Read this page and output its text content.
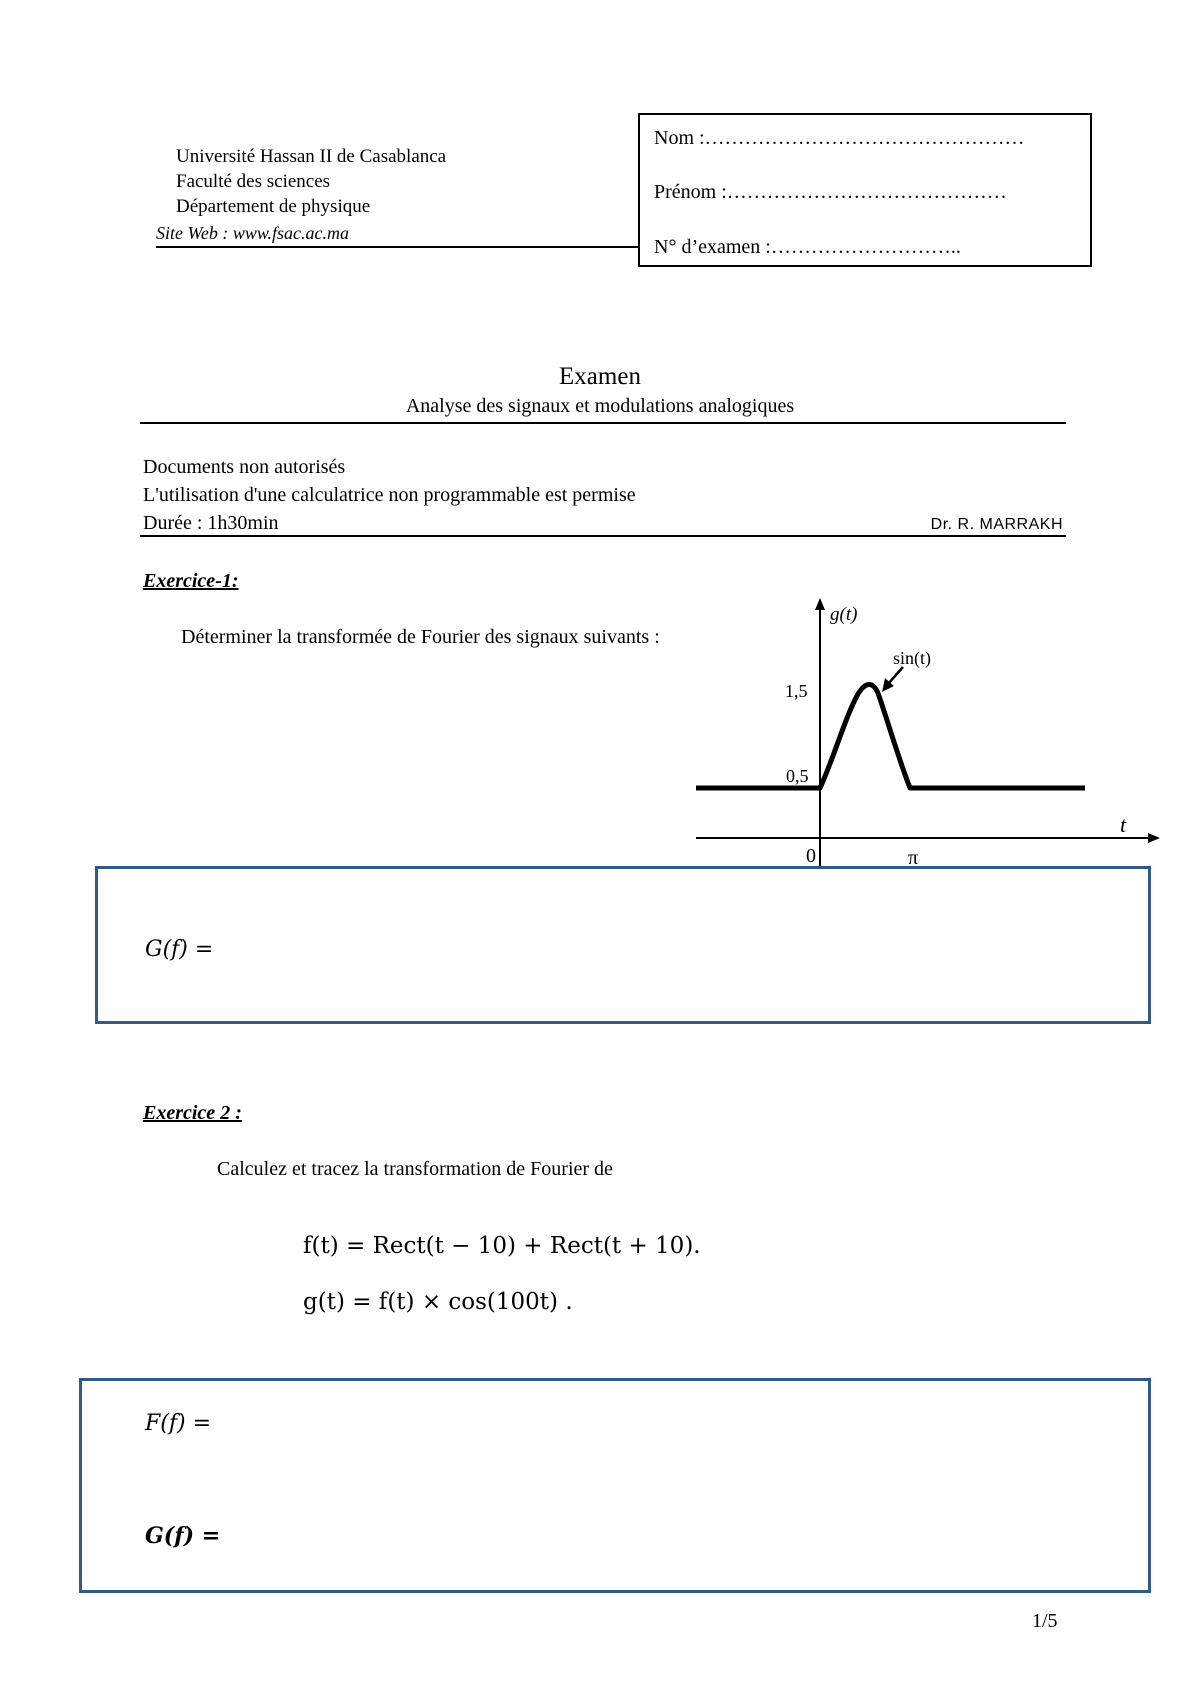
Université Hassan II de Casablanca
Faculté des sciences
Département de physique
Site Web : www.fsac.ac.ma
Nom :…………………………………………
Prénom :……………………………………
N° d’examen :………………………..
Examen
Analyse des signaux et modulations analogiques
Documents non autorisés
L'utilisation d'une calculatrice non programmable est permise
Durée : 1h30min	Dr. R. MARRAKH
Exercice-1:
Déterminer la transformée de Fourier des signaux suivants :
g(t)
t
sin(t)
1,5
0,5
0	π
G(f) =
Exercice 2 :
Calculez et tracez la transformation de Fourier de
f(t) = Rect(t − 10) + Rect(t + 10).
g(t) = f(t) × cos(100t) .
F(f) =
G(f) =
1/5
